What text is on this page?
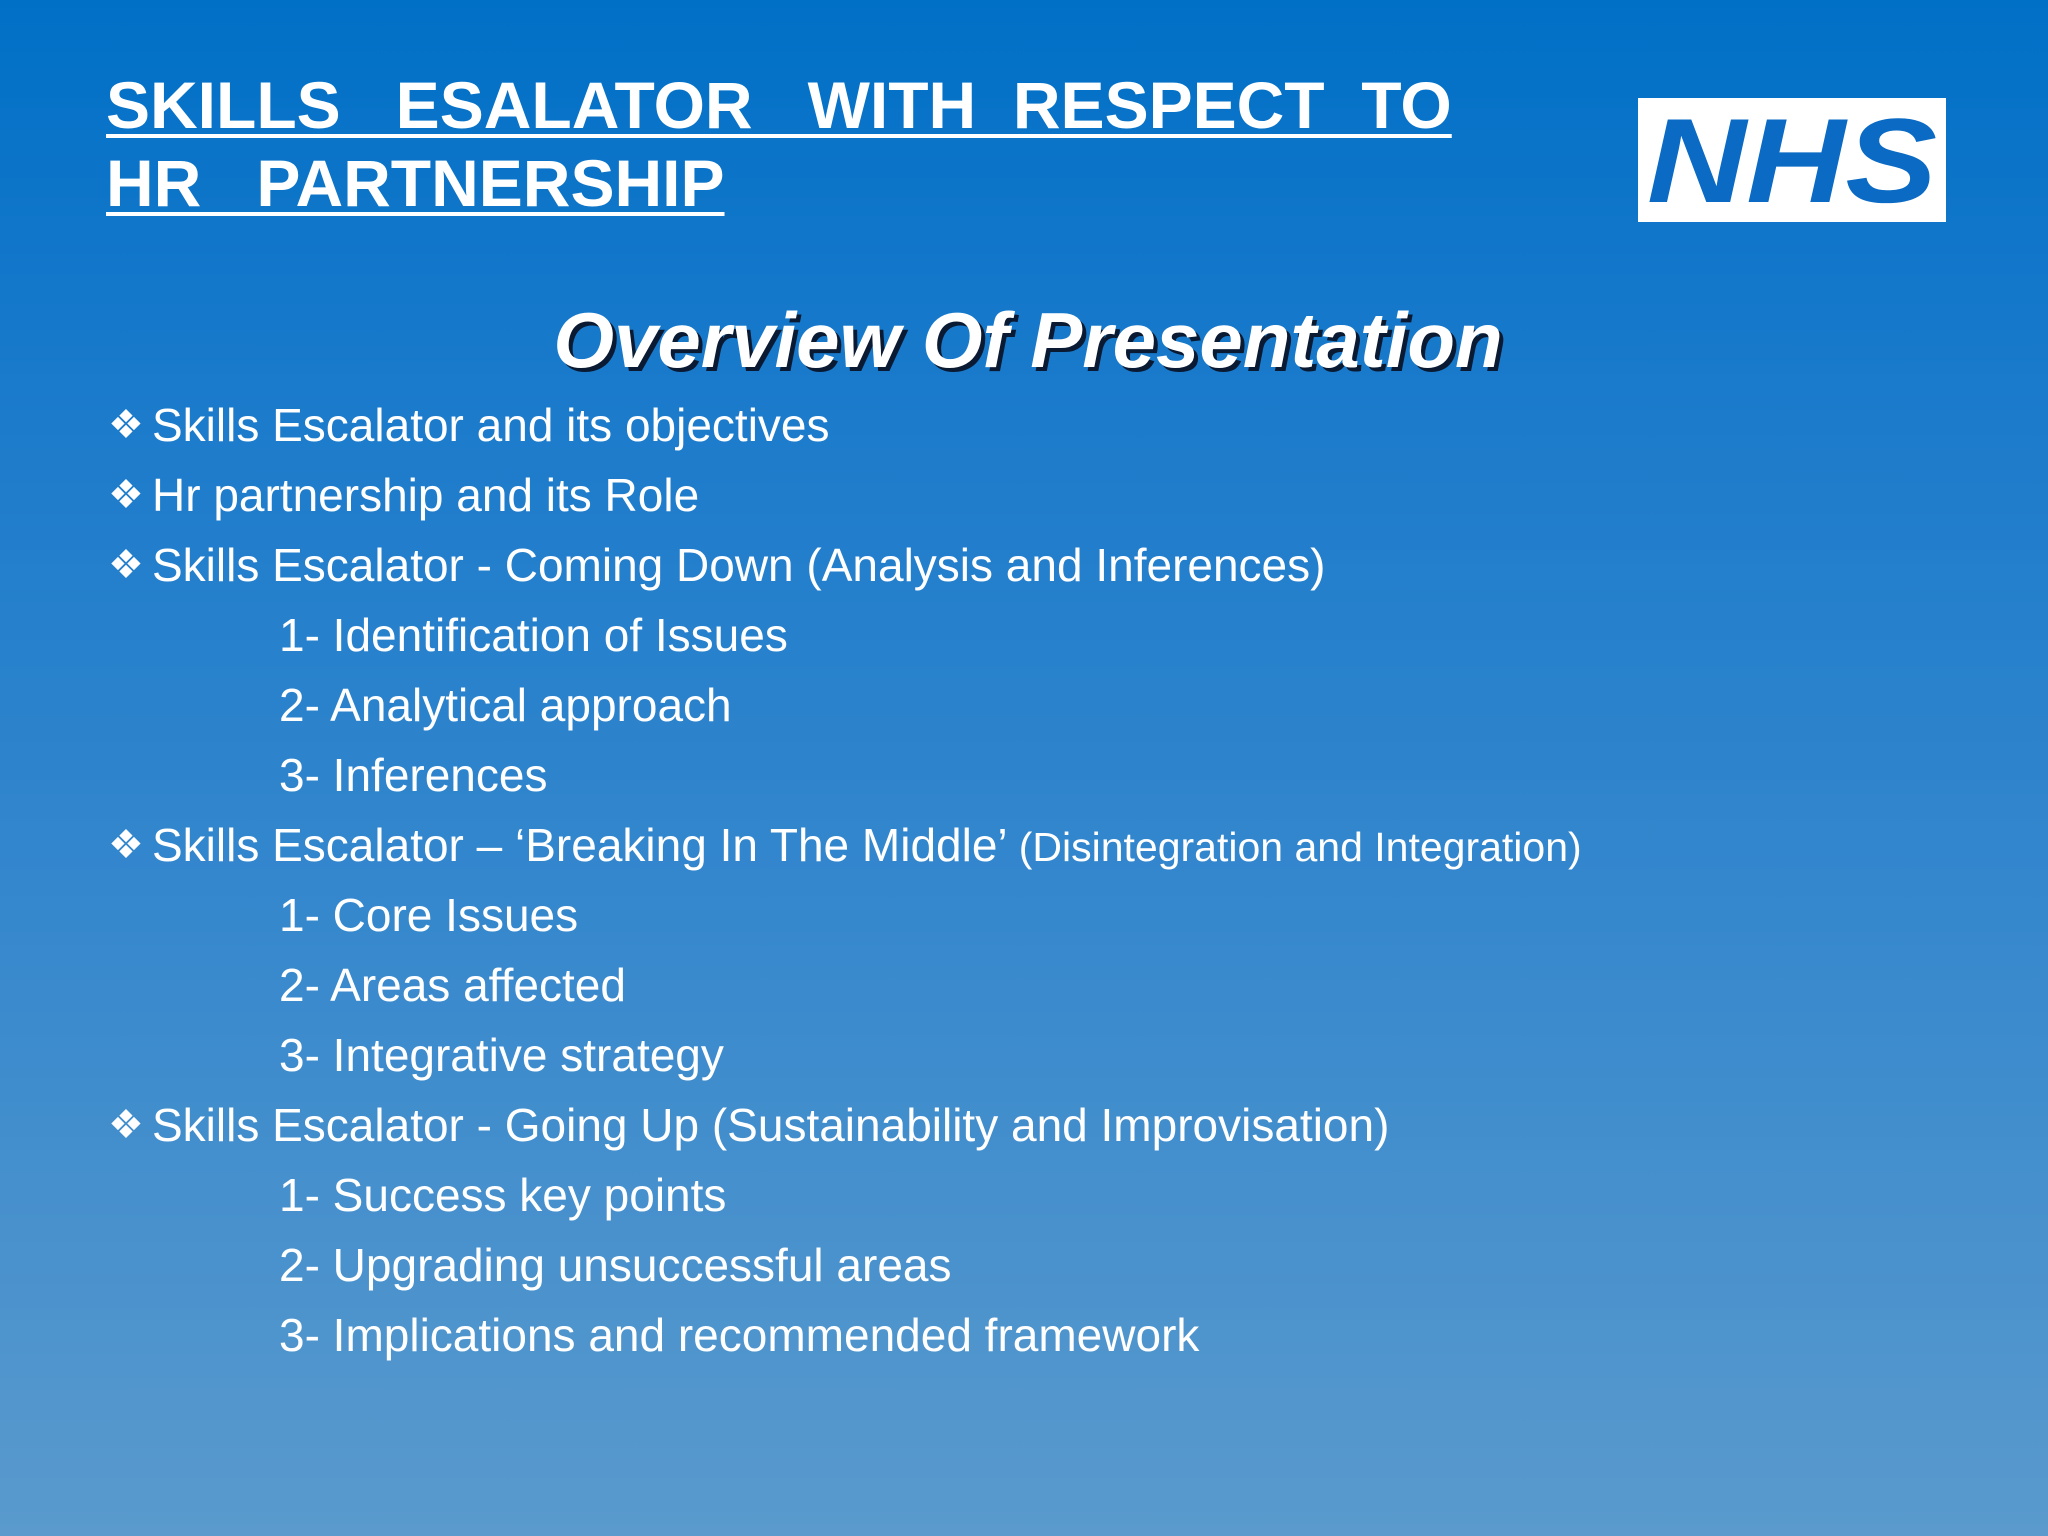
SKILLS   ESALATOR   WITH  RESPECT  TO
HR   PARTNERSHIP	NHS
Overview Of Presentation
❖ Skills Escalator and its objectives
❖ Hr partnership and its Role
❖ Skills Escalator - Coming Down (Analysis and Inferences)
1- Identification of Issues
2- Analytical approach
3- Inferences
❖ Skills Escalator – ‘Breaking In The Middle’ (Disintegration and Integration)
1- Core Issues
2- Areas affected
3- Integrative strategy
❖ Skills Escalator - Going Up (Sustainability and Improvisation)
1- Success key points
2- Upgrading unsuccessful areas
3- Implications and recommended framework
